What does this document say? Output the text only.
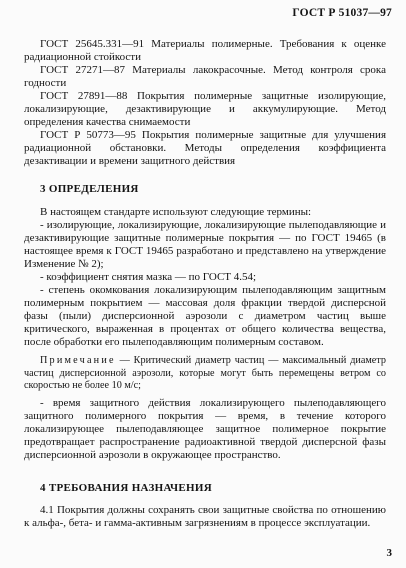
ГОСТ Р 51037—97

ГОСТ 25645.331—91 Материалы полимерные. Требования к оценке радиационной стойкости

ГОСТ 27271—87 Материалы лакокрасочные. Метод контроля срока годности

ГОСТ 27891—88 Покрытия полимерные защитные изолирующие, локализирующие, дезактивирующие и аккумулирующие. Метод определения качества снимаемости

ГОСТ Р 50773—95 Покрытия полимерные защитные для улучшения радиационной обстановки. Методы определения коэффициента дезактивации и времени защитного действия

3 ОПРЕДЕЛЕНИЯ

В настоящем стандарте используют следующие термины:

- изолирующие, локализирующие, локализирующие пылеподавляющие и дезактивирующие защитные полимерные покрытия — по ГОСТ 19465 (в настоящее время к ГОСТ 19465 разработано и представлено на утверждение Изменение № 2);

- коэффициент снятия мазка — по ГОСТ 4.54;

- степень окомкования локализирующим пылеподавляющим защитным полимерным покрытием — массовая доля фракции твердой дисперсной фазы (пыли) дисперсионной аэрозоли с диаметром частиц выше критического, выраженная в процентах от общего количества вещества, после обработки его пылеподавляющим полимерным составом.

Примечание — Критический диаметр частиц — максимальный диаметр частиц дисперсионной аэрозоли, которые могут быть перемещены ветром со скоростью не более 10 м/с;

- время защитного действия локализирующего пылеподавляющего защитного полимерного покрытия — время, в течение которого локализирующее пылеподавляющее защитное полимерное покрытие предотвращает распространение радиоактивной твердой дисперсной фазы дисперсионной аэрозоли в окружающее пространство.

4 ТРЕБОВАНИЯ НАЗНАЧЕНИЯ

4.1 Покрытия должны сохранять свои защитные свойства по отношению к альфа-, бета- и гамма-активным загрязнениям в процессе эксплуатации.

3
